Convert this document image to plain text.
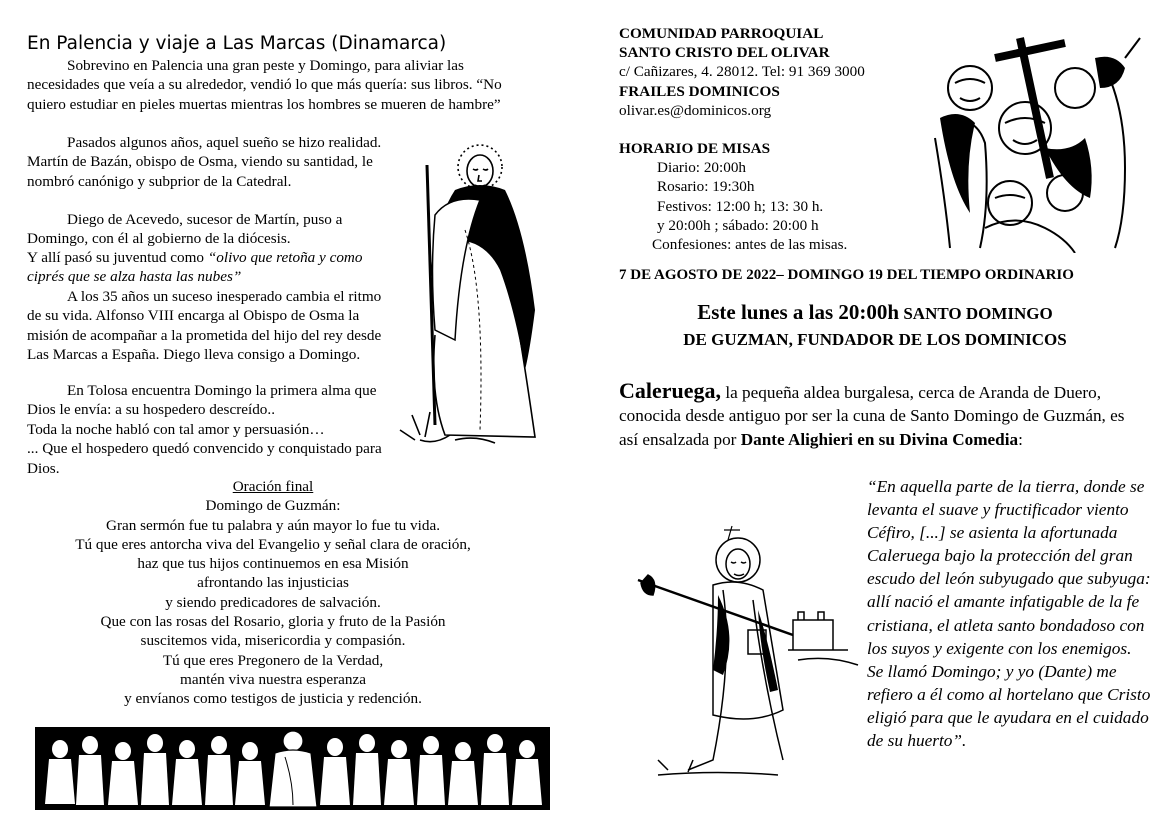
En Palencia y viaje a Las Marcas (Dinamarca)

Sobrevino en Palencia una gran peste y Domingo, para aliviar las necesidades que veía a su alrededor, vendió lo que más quería: sus libros. “No quiero estudiar en pieles muertas mientras los hombres se mueren de hambre”

Pasados algunos años, aquel sueño se hizo realidad. Martín de Bazán, obispo de Osma, viendo su santidad, le nombró canónigo y subprior de la Catedral.

Diego de Acevedo, sucesor de Martín, puso a Domingo, con él al gobierno de la diócesis.

Y allí pasó su juventud como “olivo que retoña y como ciprés que se alza hasta las nubes”

A los 35 años un suceso inesperado cambia el ritmo de su vida. Alfonso VIII encarga al Obispo de Osma la misión de acompañar a la prometida del hijo del rey desde Las Marcas a España. Diego lleva consigo a Domingo.

En Tolosa encuentra Domingo la primera alma que Dios le envía: a su hospedero descreído..
Toda la noche habló con tal amor y persuasión…
... Que el hospedero quedó convencido y conquistado para Dios.
Oración final
Domingo de Guzmán:
Gran sermón fue tu palabra y aún mayor lo fue tu vida.
Tú que eres antorcha viva del Evangelio y señal clara de oración,
haz que tus hijos continuemos en esa Misión
afrontando las injusticias
y siendo predicadores de salvación.
Que con las rosas del Rosario, gloria y fruto de la Pasión
suscitemos vida, misericordia y compasión.
Tú que eres Pregonero de la Verdad,
mantén viva nuestra esperanza
y envíanos como testigos de justicia y redención.
COMUNIDAD PARROQUIAL
SANTO CRISTO DEL OLIVAR
c/ Cañizares, 4. 28012. Tel: 91 369 3000
FRAILES DOMINICOS
olivar.es@dominicos.org
HORARIO DE MISAS
Diario: 20:00h
Rosario: 19:30h
Festivos: 12:00 h; 13: 30 h.
y 20:00h ; sábado: 20:00 h
Confesiones: antes de las misas.
7 DE AGOSTO DE 2022– DOMINGO 19 DEL TIEMPO ORDINARIO
Este lunes a las 20:00h SANTO DOMINGO
DE GUZMAN, FUNDADOR DE LOS DOMINICOS

Caleruega, la pequeña aldea burgalesa, cerca de Aranda de Duero, conocida desde antiguo por ser la cuna de Santo Domingo de Guzmán, es así ensalzada por Dante Alighieri en su Divina Comedia:

“En aquella parte de la tierra, donde se levanta el suave y fructificador viento Céfiro, [...] se asienta la afortunada Caleruega bajo la protección del gran escudo del león subyugado que subyuga: allí nació el amante infatigable de la fe cristiana, el atleta santo bondadoso con los suyos y exigente con los enemigos. Se llamó Domingo; y yo (Dante) me refiero a él como al hortelano que Cristo eligió para que le ayudara en el cuidado de su huerto”.
